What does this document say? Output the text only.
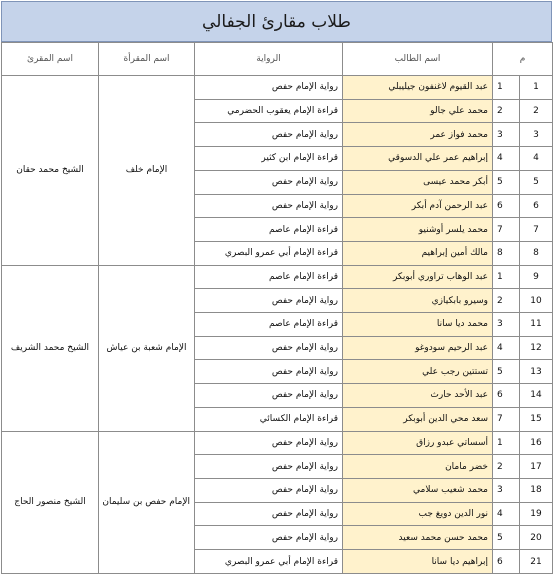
طلاب مقارئ الجفالي
م		اسم الطالب	الرواية	اسم المقرأة	اسم المقرئ
1	1	عبد القيوم لاغنفون جيليبلي	رواية الإمام حفص	الإمام خلف	الشيخ محمد حقان
2	2	محمد علي جالو	قراءة الإمام يعقوب الحضرمي		
3	3	محمد فواز عمر	رواية الإمام حفص		
4	4	إبراهيم عمر علي الدسوقي	قراءة الإمام ابن كثير		
5	5	أبكر محمد عيسى	رواية الإمام حفص		
6	6	عبد الرحمن آدم أبكر	رواية الإمام حفص		
7	7	محمد يلسر أوشنيو	قراءة الإمام عاصم		
8	8	مالك أمين إبراهيم	قراءة الإمام أبي عمرو البصري		
9	1	عبد الوهاب تراوري أبوبكر	قراءة الإمام عاصم	الإمام شعبة بن عياش	الشيخ محمد الشريف
10	2	وسيرو بابكيازي	رواية الإمام حفص		
11	3	محمد ديا سانا	قراءة الإمام عاصم		
12	4	عبد الرحيم سودوغو	رواية الإمام حفص		
13	5	تستتين رجب علي	رواية الإمام حفص		
14	6	عبد الأحد حارث	رواية الإمام حفص		
15	7	سعد محي الدين أبوبكر	قراءة الإمام الكسائي		
16	1	أسساتي عبدو رزاق	رواية الإمام حفص	الإمام حفص بن سليمان	الشيخ منصور الحاج
17	2	خضر مامان	رواية الإمام حفص		
18	3	محمد شعيب سلامي	رواية الإمام حفص		
19	4	نور الدين دويغ جب	رواية الإمام حفص		
20	5	محمد حسن محمد سعيد	رواية الإمام حفص		
21	6	إبراهيم ديا سانا	قراءة الإمام أبي عمرو البصري		
